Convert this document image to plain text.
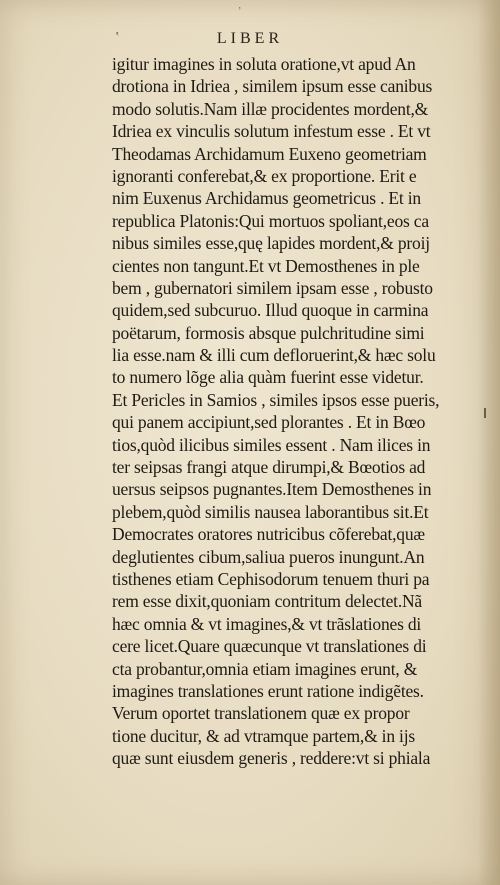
ʼ
ʽ	LIBER
igitur imagines in soluta oratione,vt apud An
drotiona in Idriea , similem ipsum esse canibus
modo solutis.Nam illæ procidentes mordent,&
Idriea ex vinculis solutum infestum esse . Et vt
Theodamas Archidamum Euxeno geometriam
ignoranti conferebat,& ex proportione. Erit e
nim Euxenus Archidamus geometricus . Et in
republica Platonis:Qui mortuos spoliant,eos ca
nibus similes esse,quę lapides mordent,& proij
cientes non tangunt.Et vt Demosthenes in ple
bem , gubernatori similem ipsam esse , robusto
quidem,sed subcuruo. Illud quoque in carmina
poëtarum, formosis absque pulchritudine simi
lia esse.nam & illi cum defloruerint,& hæc solu
to numero lõge alia quàm fuerint esse videtur.
Et Pericles in Samios , similes ipsos esse pueris,
qui panem accipiunt,sed plorantes . Et in Bœo
tios,quòd ilicibus similes essent . Nam ilices in
ter seipsas frangi atque dirumpi,& Bœotios ad
uersus seipsos pugnantes.Item Demosthenes in
plebem,quòd similis nausea laborantibus sit.Et
Democrates oratores nutricibus cõferebat,quæ
deglutientes cibum,saliua pueros inungunt.An
tisthenes etiam Cephisodorum tenuem thuri pa
rem esse dixit,quoniam contritum delectet.Nã
hæc omnia & vt imagines,& vt trãslationes di
cere licet.Quare quæcunque vt translationes di
cta probantur,omnia etiam imagines erunt, &
imagines translationes erunt ratione indigẽtes.
Verum oportet translationem quæ ex propor
tione ducitur, & ad vtramque partem,& in ijs
quæ sunt eiusdem generis , reddere:vt si phiala
